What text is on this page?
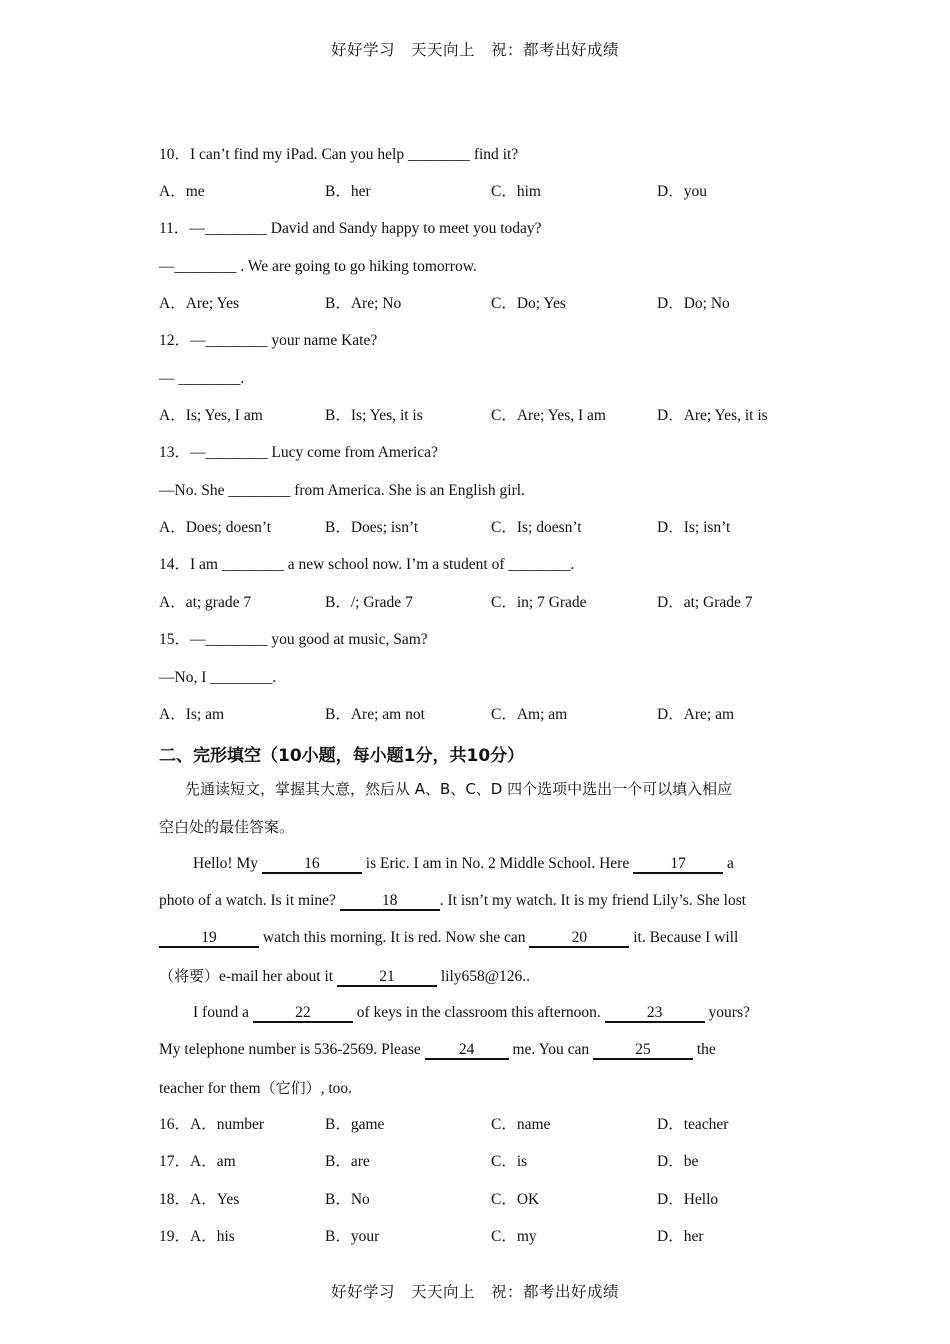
好好学习　天天向上　祝：都考出好成绩
10．I can’t find my iPad. Can you help ________ find it?
A．me	B．her	C．him	D．you
11．—________ David and Sandy happy to meet you today?
—________ . We are going to go hiking tomorrow.
A．Are; Yes	B．Are; No	C．Do; Yes	D．Do; No
12．—________ your name Kate?
— ________.
A．Is; Yes, I am	B．Is; Yes, it is	C．Are; Yes, I am	D．Are; Yes, it is
13．—________ Lucy come from America?
—No. She ________ from America. She is an English girl.
A．Does; doesn’t	B．Does; isn’t	C．Is; doesn’t	D．Is; isn’t
14．I am ________ a new school now. I’m a student of ________.
A．at; grade 7	B．/; Grade 7	C．in; 7 Grade	D．at; Grade 7
15．—________ you good at music, Sam?
—No, I ________.
A．Is; am	B．Are; am not	C．Am; am	D．Are; am
二、完形填空（10小题，每小题1分，共10分）
先通读短文，掌握其大意，然后从 A、B、C、D 四个选项中选出一个可以填入相应
空白处的最佳答案。
Hello! My	16	is Eric. I am in No. 2 Middle School. Here 17 a
photo of a watch. Is it mine?	18	. It isn’t my watch. It is my friend Lily’s. She lost
19	watch this morning. It is red. Now she can	20	it. Because I will
（将要）e-mail her about it	21	lily658@126..
I found a	22	of keys in the classroom this afternoon.	23	yours?
My telephone number is 536-2569. Please 24 me. You can	25	the
teacher for them（它们）, too.
16．A．number	B．game	C．name	D．teacher
17．A．am	B．are	C．is	D．be
18．A．Yes	B．No	C．OK	D．Hello
19．A．his	B．your	C．my	D．her
好好学习　天天向上　祝：都考出好成绩
